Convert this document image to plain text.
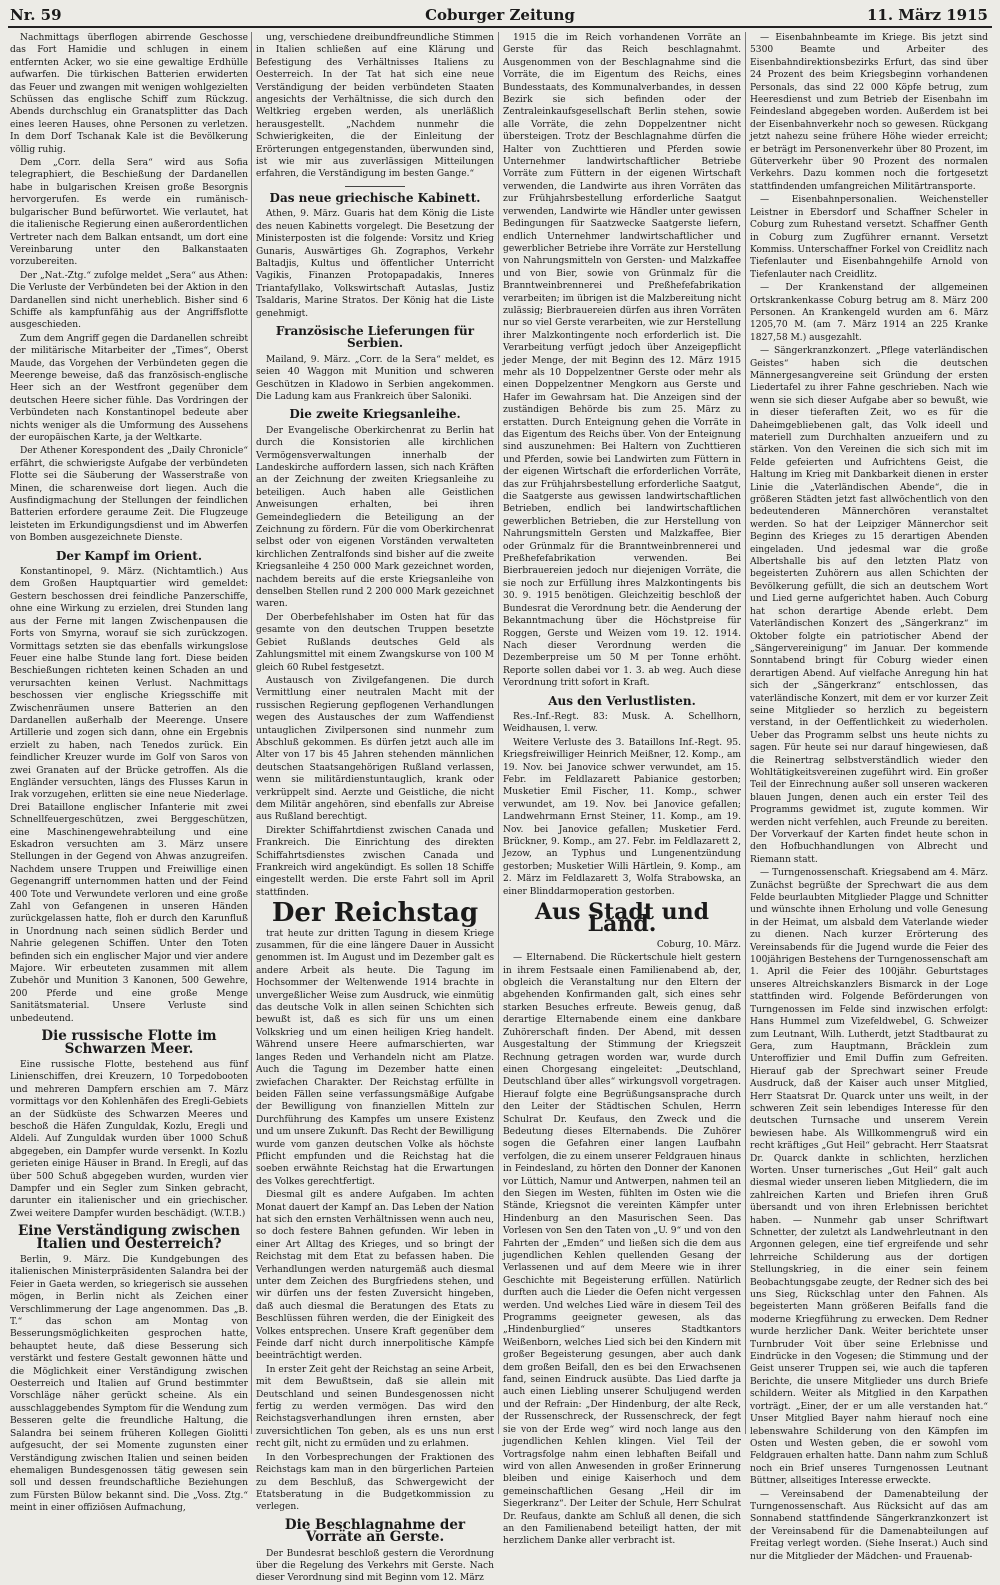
Nr. 59	Coburger Zeitung	11. März 1915

Nachmittags überflogen abirrende Geschosse das Fort Hamidie und schlugen in einem entfernten Acker, wo sie eine gewaltige Erdhülle aufwarfen. Die türkischen Batterien erwiderten das Feuer und zwangen mit wenigen wohlgezielten Schüssen das englische Schiff zum Rückzug. Abends durchschlug ein Granatsplitter das Dach eines leeren Hauses, ohne Personen zu verletzen. In dem Dorf Tschanak Kale ist die Bevölkerung völlig ruhig.

Dem „Corr. della Sera“ wird aus Sofia telegraphiert, die Beschießung der Dardanellen habe in bulgarischen Kreisen große Besorgnis hervorgerufen. Es werde ein rumänisch-bulgarischer Bund befürwortet. Wie verlautet, hat die italienische Regierung einen außerordentlichen Vertreter nach dem Balkan entsandt, um dort eine Vereinbarung unter den Balkanstaaten vorzubereiten.

Der „Nat.-Ztg.“ zufolge meldet „Sera“ aus Athen: Die Verluste der Verbündeten bei der Aktion in den Dardanellen sind nicht unerheblich. Bisher sind 6 Schiffe als kampfunfähig aus der Angriffsflotte ausgeschieden.

Zum dem Angriff gegen die Dardanellen schreibt der militärische Mitarbeiter der „Times“, Oberst Maude, das Vorgehen der Verbündeten gegen die Meerenge beweise, daß das französisch-englische Heer sich an der Westfront gegenüber dem deutschen Heere sicher fühle. Das Vordringen der Verbündeten nach Konstantinopel bedeute aber nichts weniger als die Umformung des Aussehens der europäischen Karte, ja der Weltkarte.

Der Athener Korespondent des „Daily Chronicle“ erfährt, die schwierigste Aufgabe der verbündeten Flotte sei die Säuberung der Wasserstraße von Minen, die scharenweise dort liegen. Auch die Ausfindigmachung der Stellungen der feindlichen Batterien erfordere geraume Zeit. Die Flugzeuge leisteten im Erkundigungsdienst und im Abwerfen von Bomben ausgezeichnete Dienste.

Der Kampf im Orient.

Konstantinopel, 9. März. (Nichtamtlich.) Aus dem Großen Hauptquartier wird gemeldet: Gestern beschossen drei feindliche Panzerschiffe, ohne eine Wirkung zu erzielen, drei Stunden lang aus der Ferne mit langen Zwischenpausen die Forts von Smyrna, worauf sie sich zurückzogen. Vormittags setzten sie das ebenfalls wirkungslose Feuer eine halbe Stunde lang fort. Diese beiden Beschießungen richteten keinen Schaden an und verursachten keinen Verlust. Nachmittags beschossen vier englische Kriegsschiffe mit Zwischenräumen unsere Batterien an den Dardanellen außerhalb der Meerenge. Unsere Artillerie und zogen sich dann, ohne ein Ergebnis erzielt zu haben, nach Tenedos zurück. Ein feindlicher Kreuzer wurde im Golf von Saros von zwei Granaten auf der Brücke getroffen. Als die Engländer versuchten, längs des Flusses Karun in Irak vorzugehen, erlitten sie eine neue Niederlage. Drei Bataillone englischer Infanterie mit zwei Schnellfeuergeschützen, zwei Berggeschützen, eine Maschinengewehrabteilung und eine Eskadron versuchten am 3. März unsere Stellungen in der Gegend von Ahwas anzugreifen. Nachdem unsere Truppen und Freiwillige einen Gegenangriff unternommen hatten und der Feind 400 Tote und Verwundete verloren und eine große Zahl von Gefangenen in unseren Händen zurückgelassen hatte, floh er durch den Karunfluß in Unordnung nach seinen südlich Berder und Nahrie gelegenen Schiffen. Unter den Toten befinden sich ein englischer Major und vier andere Majore. Wir erbeuteten zusammen mit allem Zubehör und Munition 3 Kanonen, 500 Gewehre, 200 Pferde und eine große Menge Sanitätsmaterial. Unsere Verluste sind unbedeutend.

Die russische Flotte im Schwarzen Meer.

Eine russische Flotte, bestehend aus fünf Linienschiffen, drei Kreuzern, 10 Torpedobooten und mehreren Dampfern erschien am 7. März vormittags vor den Kohlenhäfen des Eregli-Gebiets an der Südküste des Schwarzen Meeres und beschoß die Häfen Zunguldak, Kozlu, Eregli und Aldeli. Auf Zunguldak wurden über 1000 Schuß abgegeben, ein Dampfer wurde versenkt. In Kozlu gerieten einige Häuser in Brand. In Eregli, auf das über 500 Schuß abgegeben wurden, wurden vier Dampfer und ein Segler zum Sinken gebracht, darunter ein italienischer und ein griechischer. Zwei weitere Dampfer wurden beschädigt. (W.T.B.)

Eine Verständigung zwischen Italien und Oesterreich?

Berlin, 9. März. Die Kundgebungen des italienischen Ministerpräsidenten Salandra bei der Feier in Gaeta werden, so kriegerisch sie aussehen mögen, in Berlin nicht als Zeichen einer Verschlimmerung der Lage angenommen. Das „B. T.“ das schon am Montag von Besserungsmöglichkeiten gesprochen hatte, behauptet heute, daß diese Besserung sich verstärkt und festere Gestalt gewonnen hätte und die Möglichkeit einer Verständigung zwischen Oesterreich und Italien auf Grund bestimmter Vorschläge näher gerückt scheine. Als ein ausschlaggebendes Symptom für die Wendung zum Besseren gelte die freundliche Haltung, die Salandra bei seinem früheren Kollegen Giolitti aufgesucht, der sei Momente zugunsten einer Verständigung zwischen Italien und seinen beiden ehemaligen Bundesgenossen tätig gewesen sein soll und dessen freundschaftliche Beziehungen zum Fürsten Bülow bekannt sind. Die „Voss. Ztg.“ meint in einer offiziösen Aufmachung,

ung, verschiedene dreibundfreundliche Stimmen in Italien schließen auf eine Klärung und Befestigung des Verhältnisses Italiens zu Oesterreich. In der Tat hat sich eine neue Verständigung der beiden verbündeten Staaten angesichts der Verhältnisse, die sich durch den Weltkrieg ergeben werden, als unerläßlich herausgestellt. „Nachdem nunmehr die Schwierigkeiten, die der Einleitung der Erörterungen entgegenstanden, überwunden sind, ist wie mir aus zuverlässigen Mitteilungen erfahren, die Verständigung im besten Gange.“

Das neue griechische Kabinett.

Athen, 9. März. Guaris hat dem König die Liste des neuen Kabinetts vorgelegt. Die Besetzung der Ministerposten ist die folgende: Vorsitz und Krieg Gunaris, Auswärtiges Gh. Zographos, Verkehr Baltadjis, Kultus und öffentlicher Unterricht Vagikis, Finanzen Protopapadakis, Inneres Triantafyllako, Volkswirtschaft Autaslas, Justiz Tsaldaris, Marine Stratos. Der König hat die Liste genehmigt.

Französische Lieferungen für Serbien.

Mailand, 9. März. „Corr. de la Sera“ meldet, es seien 40 Waggon mit Munition und schweren Geschützen in Kladowo in Serbien angekommen. Die Ladung kam aus Frankreich über Saloniki.

Die zweite Kriegsanleihe.

Der Evangelische Oberkirchenrat zu Berlin hat durch die Konsistorien alle kirchlichen Vermögensverwaltungen innerhalb der Landeskirche auffordern lassen, sich nach Kräften an der Zeichnung der zweiten Kriegsanleihe zu beteiligen. Auch haben alle Geistlichen Anweisungen erhalten, bei ihren Gemeindegliedern die Beteiligung an der Zeichnung zu fördern. Für die vom Oberkirchenrat selbst oder von eigenen Vorständen verwalteten kirchlichen Zentralfonds sind bisher auf die zweite Kriegsanleihe 4 250 000 Mark gezeichnet worden, nachdem bereits auf die erste Kriegsanleihe von denselben Stellen rund 2 200 000 Mark gezeichnet waren.

Der Oberbefehlshaber im Osten hat für das gesamte von den deutschen Truppen besetzte Gebiet Rußlands deutsches Geld als Zahlungsmittel mit einem Zwangskurse von 100 M gleich 60 Rubel festgesetzt.

Austausch von Zivilgefangenen. Die durch Vermittlung einer neutralen Macht mit der russischen Regierung gepflogenen Verhandlungen wegen des Austausches der zum Waffendienst untauglichen Zivilpersonen sind nunmehr zum Abschluß gekommen. Es dürfen jetzt auch alle im Alter von 17 bis 45 Jahren stehenden männlichen deutschen Staatsangehörigen Rußland verlassen, wenn sie militärdienstuntauglich, krank oder verkrüppelt sind. Aerzte und Geistliche, die nicht dem Militär angehören, sind ebenfalls zur Abreise aus Rußland berechtigt.

Direkter Schiffahrtdienst zwischen Canada und Frankreich. Die Einrichtung des direkten Schiffahrtsdienstes zwischen Canada und Frankreich wird angekündigt. Es sollen 18 Schiffe eingestellt werden. Die erste Fahrt soll im April stattfinden.

Der Reichstag

trat heute zur dritten Tagung in diesem Kriege zusammen, für die eine längere Dauer in Aussicht genommen ist. Im August und im Dezember galt es andere Arbeit als heute. Die Tagung im Hochsommer der Weltenwende 1914 brachte in unvergeßlicher Weise zum Ausdruck, wie einmütig das deutsche Volk in allen seinen Schichten sich bewußt ist, daß es sich für uns um einen Volkskrieg und um einen heiligen Krieg handelt. Während unsere Heere aufmarschierten, war langes Reden und Verhandeln nicht am Platze. Auch die Tagung im Dezember hatte einen zwiefachen Charakter. Der Reichstag erfüllte in beiden Fällen seine verfassungsmäßige Aufgabe der Bewilligung von finanziellen Mitteln zur Durchführung des Kampfes um unsere Existenz und um unsere Zukunft. Das Recht der Bewilligung wurde vom ganzen deutschen Volke als höchste Pflicht empfunden und die Reichstag hat die soeben erwähnte Reichstag hat die Erwartungen des Volkes gerechtfertigt.

Diesmal gilt es andere Aufgaben. Im achten Monat dauert der Kampf an. Das Leben der Nation hat sich den ernsten Verhältnissen wenn auch neu, so doch festere Bahnen gefunden. Wir leben in einer Art Alltag des Krieges, und so bringt der Reichstag mit dem Etat zu befassen haben. Die Verhandlungen werden naturgemäß auch diesmal unter dem Zeichen des Burgfriedens stehen, und wir dürfen uns der festen Zuversicht hingeben, daß auch diesmal die Beratungen des Etats zu Beschlüssen führen werden, die der Einigkeit des Volkes entsprechen. Unsere Kraft gegenüber dem Feinde darf nicht durch innerpolitische Kämpfe beeinträchtigt werden.

In erster Zeit geht der Reichstag an seine Arbeit, mit dem Bewußtsein, daß sie allein mit Deutschland und seinen Bundesgenossen nicht fertig zu werden vermögen. Das wird den Reichstagsverhandlungen ihren ernsten, aber zuversichtlichen Ton geben, als es uns nun erst recht gilt, nicht zu ermüden und zu erlahmen.

In den Vorbesprechungen der Fraktionen des Reichstags kam man in den bürgerlichen Parteien zu dem Beschluß, das Schwergewicht der Etatsberatung in die Budgetkommission zu verlegen.

Die Beschlagnahme der Vorräte an Gerste.

Der Bundesrat beschloß gestern die Verordnung über die Regelung des Verkehrs mit Gerste. Nach dieser Verordnung sind mit Beginn vom 12. März

1915 die im Reich vorhandenen Vorräte an Gerste für das Reich beschlagnahmt. Ausgenommen von der Beschlagnahme sind die Vorräte, die im Eigentum des Reichs, eines Bundesstaats, des Kommunalverbandes, in dessen Bezirk sie sich befinden oder der Zentraleinkaufsgesellschaft Berlin stehen, sowie alle Vorräte, die zehn Doppelzentner nicht übersteigen. Trotz der Beschlagnahme dürfen die Halter von Zuchttieren und Pferden sowie Unternehmer landwirtschaftlicher Betriebe Vorräte zum Füttern in der eigenen Wirtschaft verwenden, die Landwirte aus ihren Vorräten das zur Frühjahrsbestellung erforderliche Saatgut verwenden, Landwirte wie Händler unter gewissen Bedingungen für Saatzwecke Saatgerste liefern, endlich Unternehmer landwirtschaftlicher und gewerblicher Betriebe ihre Vorräte zur Herstellung von Nahrungsmitteln von Gersten- und Malzkaffee und von Bier, sowie von Grünmalz für die Branntweinbrennerei und Preßhefefabrikation verarbeiten; im übrigen ist die Malzbereitung nicht zulässig; Bierbrauereien dürfen aus ihren Vorräten nur so viel Gerste verarbeiten, wie zur Herstellung ihrer Malzkontingente noch erforderlich ist. Die Verarbeitung verfügt jedoch über Anzeigepflicht jeder Menge, der mit Beginn des 12. März 1915 mehr als 10 Doppelzentner Gerste oder mehr als einen Doppelzentner Mengkorn aus Gerste und Hafer im Gewahrsam hat. Die Anzeigen sind der zuständigen Behörde bis zum 25. März zu erstatten. Durch Enteignung gehen die Vorräte in das Eigentum des Reichs über. Von der Enteignung sind auszunehmen: Bei Haltern von Zuchttieren und Pferden, sowie bei Landwirten zum Füttern in der eigenen Wirtschaft die erforderlichen Vorräte, das zur Frühjahrsbestellung erforderliche Saatgut, die Saatgerste aus gewissen landwirtschaftlichen Betrieben, endlich bei landwirtschaftlichen gewerblichen Betrieben, die zur Herstellung von Nahrungsmitteln Gersten und Malzkaffee, Bier oder Grünmalz für die Branntweinbrennerei und Preßhefefabrikation verwenden. Bei Bierbrauereien jedoch nur diejenigen Vorräte, die sie noch zur Erfüllung ihres Malzkontingents bis 30. 9. 1915 benötigen. Gleichzeitig beschloß der Bundesrat die Verordnung betr. die Aenderung der Bekanntmachung über die Höchstpreise für Roggen, Gerste und Weizen vom 19. 12. 1914. Nach dieser Verordnung werden die Dezemberpreise um 50 M per Tonne erhöht. Reporte sollen dabei vor 1. 3. ab weg. Auch diese Verordnung tritt sofort in Kraft.

Aus den Verlustlisten.

Res.-Inf.-Regt. 83: Musk. A. Schellhorn, Weidhausen, l. verw.

Weitere Verluste des 3. Bataillons Inf.-Regt. 95. Kriegsfreiwilliger Heinrich Meißner, 12. Komp., am 19. Nov. bei Janovice schwer verwundet, am 15. Febr. im Feldlazarett Pabianice gestorben; Musketier Emil Fischer, 11. Komp., schwer verwundet, am 19. Nov. bei Janovice gefallen; Landwehrmann Ernst Steiner, 11. Komp., am 19. Nov. bei Janovice gefallen; Musketier Ferd. Brückner, 9. Komp., am 27. Febr. im Feldlazarett 2, Jezow, an Typhus und Lungenentzündung gestorben; Musketier Willi Härtlein, 9. Komp., am 2. März im Feldlazarett 3, Wolfa Strabowska, an einer Blinddarmoperation gestorben.

Aus Stadt und Land.

Coburg, 10. März.

— Elternabend. Die Rückertschule hielt gestern in ihrem Festsaale einen Familienabend ab, der, obgleich die Veranstaltung nur den Eltern der abgehenden Konfirmanden galt, sich eines sehr starken Besuches erfreute. Beweis genug, daß derartige Elternabende einem eine dankbare Zuhörerschaft finden. Der Abend, mit dessen Ausgestaltung der Stimmung der Kriegszeit Rechnung getragen worden war, wurde durch einen Chorgesang eingeleitet: „Deutschland, Deutschland über alles“ wirkungsvoll vorgetragen. Hierauf folgte eine Begrüßungsansprache durch den Leiter der Städtischen Schulen, Herrn Schulrat Dr. Keufaus, den Zweck und die Bedeutung dieses Elternabends. Die Zuhörer sogen die Gefahren einer langen Laufbahn verfolgen, die zu einem unserer Feldgrauen hinaus in Feindesland, zu hörten den Donner der Kanonen vor Lüttich, Namur und Antwerpen, nahmen teil an den Siegen im Westen, fühlten im Osten wie die Stände, Kriegsnot die vereinten Kämpfer unter Hindenburg an den Masurischen Seen. Das Vorlesen von Sen den Taten von „U. 9“ und von den Fahrten der „Emden“ und ließen sich die dem aus jugendlichen Kehlen quellenden Gesang der Verlassenen und auf dem Meere wie in ihrer Geschichte mit Begeisterung erfüllen. Natürlich durften auch die Lieder die Oefen nicht vergessen werden. Und welches Lied wäre in diesem Teil des Programms geeigneter gewesen, als das „Hindenburglied“ unseres Stadtkantors Weißenborn, welches Lied sich bei den Kindern mit großer Begeisterung gesungen, aber auch dank dem großen Beifall, den es bei den Erwachsenen fand, seinen Eindruck ausübte. Das Lied darfte ja auch einen Liebling unserer Schuljugend werden und der Refrain: „Der Hindenburg, der alte Reck, der Russenschreck, der Russenschreck, der fegt sie von der Erde weg“ wird noch lange aus den jugendlichen Kehlen klingen. Viel Teil der Vortragsfolge nahm einen lebhaften Beifall und wird von allen Anwesenden in großer Erinnerung bleiben und einige Kaiserhoch und dem gemeinschaftlichen Gesang „Heil dir im Siegerkranz“. Der Leiter der Schule, Herr Schulrat Dr. Reufaus, dankte am Schluß all denen, die sich an den Familienabend beteiligt hatten, der mit herzlichem Danke aller verbracht ist.

— Eisenbahnbeamte im Kriege. Bis jetzt sind 5300 Beamte und Arbeiter des Eisenbahndirektionsbezirks Erfurt, das sind über 24 Prozent des beim Kriegsbeginn vorhandenen Personals, das sind 22 000 Köpfe betrug, zum Heeresdienst und zum Betrieb der Eisenbahn im Feindesland abgegeben worden. Außerdem ist bei der Eisenbahnverkehr noch so gewesen. Rückgang jetzt nahezu seine frühere Höhe wieder erreicht; er beträgt im Personenverkehr über 80 Prozent, im Güterverkehr über 90 Prozent des normalen Verkehrs. Dazu kommen noch die fortgesetzt stattfindenden umfangreichen Militärtransporte.

— Eisenbahnpersonalien. Weichensteller Leistner in Ebersdorf und Schaffner Scheler in Coburg zum Ruhestand versetzt. Schaffner Genth in Coburg zum Zugführer ernannt. Versetzt Kommiss. Unterschaffner Forkel von Creidlitz nach Tiefenlauter und Eisenbahngehilfe Arnold von Tiefenlauter nach Creidlitz.

— Der Krankenstand der allgemeinen Ortskrankenkasse Coburg betrug am 8. März 200 Personen. An Krankengeld wurden am 6. März 1205,70 M. (am 7. März 1914 an 225 Kranke 1827,58 M.) ausgezahlt.

— Sängerkranzkonzert. „Pflege vaterländischen Geistes“ haben sich die deutschen Männergesangvereine seit Gründung der ersten Liedertafel zu ihrer Fahne geschrieben. Nach wie wenn sie sich dieser Aufgabe aber so bewußt, wie in dieser tieferaften Zeit, wo es für die Daheimgebliebenen galt, das Volk ideell und materiell zum Durchhalten anzueifern und zu stärken. Von den Vereinen die sich sich mit im Felde gefeierten und Aufrichtens Geist, die Haltung im Krieg mit Dankbarkeit dienen in erster Linie die „Vaterländischen Abende“, die in größeren Städten jetzt fast allwöchentlich von den bedeutenderen Männerchören veranstaltet werden. So hat der Leipziger Männerchor seit Beginn des Krieges zu 15 derartigen Abenden eingeladen. Und jedesmal war die große Albertshalle bis auf den letzten Platz von begeisterten Zuhörern aus allen Schichten der Bevölkerung gefüllt, die sich an deutschem Wort und Lied gerne aufgerichtet haben. Auch Coburg hat schon derartige Abende erlebt. Dem Vaterländischen Konzert des „Sängerkranz“ im Oktober folgte ein patriotischer Abend der „Sängervereinigung“ im Januar. Der kommende Sonntabend bringt für Coburg wieder einen derartigen Abend. Auf vielfache Anregung hin hat sich der „Sängerkranz“ entschlossen, das vaterländische Konzert, mit dem er vor kurzer Zeit seine Mitglieder so herzlich zu begeistern verstand, in der Oeffentlichkeit zu wiederholen. Ueber das Programm selbst uns heute nichts zu sagen. Für heute sei nur darauf hingewiesen, daß die Reinertrag selbstverständlich wieder den Wohltätigkeitsvereinen zugeführt wird. Ein großer Teil der Einrechnung außer soll unseren wackeren blauen Jungen, denen auch ein erster Teil des Programms gewidmet ist, zugute kommen. Wir werden nicht verfehlen, auch Freunde zu bereiten. Der Vorverkauf der Karten findet heute schon in den Hofbuchhandlungen von Albrecht und Riemann statt.

— Turngenossenschaft. Kriegsabend am 4. März. Zunächst begrüßte der Sprechwart die aus dem Felde beurlaubten Mitglieder Plagge und Schnitter und wünschte ihnen Erholung und volle Genesung in der Heimat, um alsbald dem Vaterlande wieder zu dienen. Nach kurzer Erörterung des Vereinsabends für die Jugend wurde die Feier des 100jährigen Bestehens der Turngenossenschaft am 1. April die Feier des 100jähr. Geburtstages unseres Altreichskanzlers Bismarck in der Loge stattfinden wird. Folgende Beförderungen von Turngenossen im Felde sind inzwischen erfolgt: Hans Hummel zum Vizefeldwebel, G. Schweizer zum Leutnant, Wilh. Lutherdt, jetzt Stadtbaurat zu Gera, zum Hauptmann, Bräcklein zum Unteroffizier und Emil Duffin zum Gefreiten. Hierauf gab der Sprechwart seiner Freude Ausdruck, daß der Kaiser auch unser Mitglied, Herr Staatsrat Dr. Quarck unter uns weilt, in der schweren Zeit sein lebendiges Interesse für den deutschen Turnsache und unserem Verein bewiesen habe. Als Willkommengruß wird ein recht kräftiges „Gut Heil“ gebracht. Herr Staatsrat Dr. Quarck dankte in schlichten, herzlichen Worten. Unser turnerisches „Gut Heil“ galt auch diesmal wieder unseren lieben Mitgliedern, die im zahlreichen Karten und Briefen ihren Gruß übersandt und von ihren Erlebnissen berichtet haben. — Nunmehr gab unser Schriftwart Schnetter, der zuletzt als Landwehrleutnant in den Argonnen gelegen, eine tief ergreifende und sehr lehrreiche Schilderung aus der dortigen Stellungskrieg, in die einer sein feinem Beobachtungsgabe zeugte, der Redner sich des bei uns Sieg, Rückschlag unter den Fahnen. Als begeisterten Mann größeren Beifalls fand die moderne Kriegführung zu erwecken. Dem Redner wurde herzlicher Dank. Weiter berichtete unser Turnbruder Voit über seine Erlebnisse und Eindrücke in den Vogesen; die Stimmung und der Geist unserer Truppen sei, wie auch die tapferen Berichte, die unsere Mitglieder uns durch Briefe schildern. Weiter als Mitglied in den Karpathen vorträgt. „Einer, der er um alle verstanden hat.“ Unser Mitglied Bayer nahm hierauf noch eine lebenswahre Schilderung von den Kämpfen im Osten und Westen geben, die er sowohl vom Feldgrauen erhalten hatte. Dann nahm zum Schluß noch ein Brief unseres Turngenossen Leutnant Büttner, allseitiges Interesse erweckte.

— Vereinsabend der Damenabteilung der Turngenossenschaft. Aus Rücksicht auf das am Sonnabend stattfindende Sängerkranzkonzert ist der Vereinsabend für die Damenabteilungen auf Freitag verlegt worden. (Siehe Inserat.) Auch sind nur die Mitglieder der Mädchen- und Frauenab-
